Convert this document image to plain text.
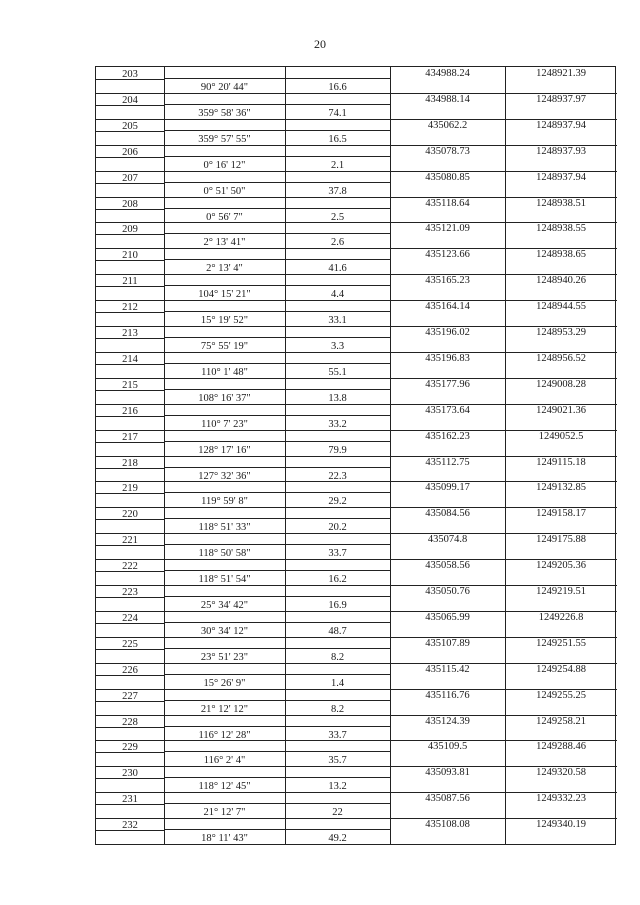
20
203	434988.24	1248921.39
90° 20' 44"	16.6
204	434988.14	1248937.97
359° 58' 36"	74.1
205	435062.2	1248937.94
359° 57' 55"	16.5
206	435078.73	1248937.93
0° 16' 12"	2.1
207	435080.85	1248937.94
0° 51' 50"	37.8
208	435118.64	1248938.51
0° 56' 7"	2.5
209	435121.09	1248938.55
2° 13' 41"	2.6
210	435123.66	1248938.65
2° 13' 4"	41.6
211	435165.23	1248940.26
104° 15' 21"	4.4
212	435164.14	1248944.55
15° 19' 52"	33.1
213	435196.02	1248953.29
75° 55' 19"	3.3
214	435196.83	1248956.52
110° 1' 48"	55.1
215	435177.96	1249008.28
108° 16' 37"	13.8
216	435173.64	1249021.36
110° 7' 23"	33.2
217	435162.23	1249052.5
128° 17' 16"	79.9
218	435112.75	1249115.18
127° 32' 36"	22.3
219	435099.17	1249132.85
119° 59' 8"	29.2
220	435084.56	1249158.17
118° 51' 33"	20.2
221	435074.8	1249175.88
118° 50' 58"	33.7
222	435058.56	1249205.36
118° 51' 54"	16.2
223	435050.76	1249219.51
25° 34' 42"	16.9
224	435065.99	1249226.8
30° 34' 12"	48.7
225	435107.89	1249251.55
23° 51' 23"	8.2
226	435115.42	1249254.88
15° 26' 9"	1.4
227	435116.76	1249255.25
21° 12' 12"	8.2
228	435124.39	1249258.21
116° 12' 28"	33.7
229	435109.5	1249288.46
116° 2' 4"	35.7
230	435093.81	1249320.58
118° 12' 45"	13.2
231	435087.56	1249332.23
21° 12' 7"	22
232	435108.08	1249340.19
18° 11' 43"	49.2
